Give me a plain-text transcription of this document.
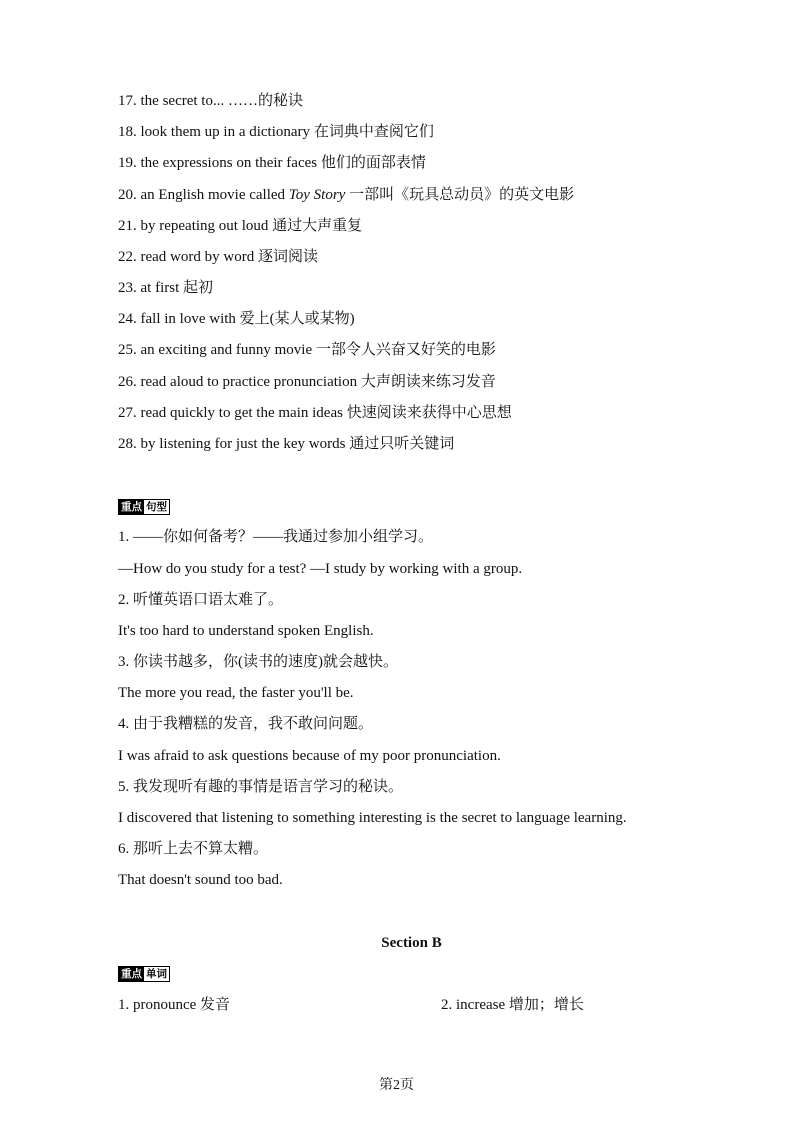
17. the secret to... ……的秘诀
18. look them up in a dictionary 在词典中查阅它们
19. the expressions on their faces 他们的面部表情
20. an English movie called Toy Story 一部叫《玩具总动员》的英文电影
21. by repeating out loud 通过大声重复
22. read word by word 逐词阅读
23. at first 起初
24. fall in love with 爱上(某人或某物)
25. an exciting and funny movie 一部令人兴奋又好笑的电影
26. read aloud to practice pronunciation 大声朗读来练习发音
27. read quickly to get the main ideas 快速阅读来获得中心思想
28. by listening for just the key words 通过只听关键词
重点 句型
1. ——你如何备考？——我通过参加小组学习。
—How do you study for a test? —I study by working with a group.
2. 听懂英语口语太难了。
It's too hard to understand spoken English.
3. 你读书越多，你(读书的速度)就会越快。
The more you read, the faster you'll be.
4. 由于我糟糕的发音，我不敢问问题。
I was afraid to ask questions because of my poor pronunciation.
5. 我发现听有趣的事情是语言学习的秘诀。
I discovered that listening to something interesting is the secret to language learning.
6. 那听上去不算太糟。
That doesn't sound too bad.
Section B
重点 单词
1. pronounce 发音	2. increase 增加；增长
第2页
